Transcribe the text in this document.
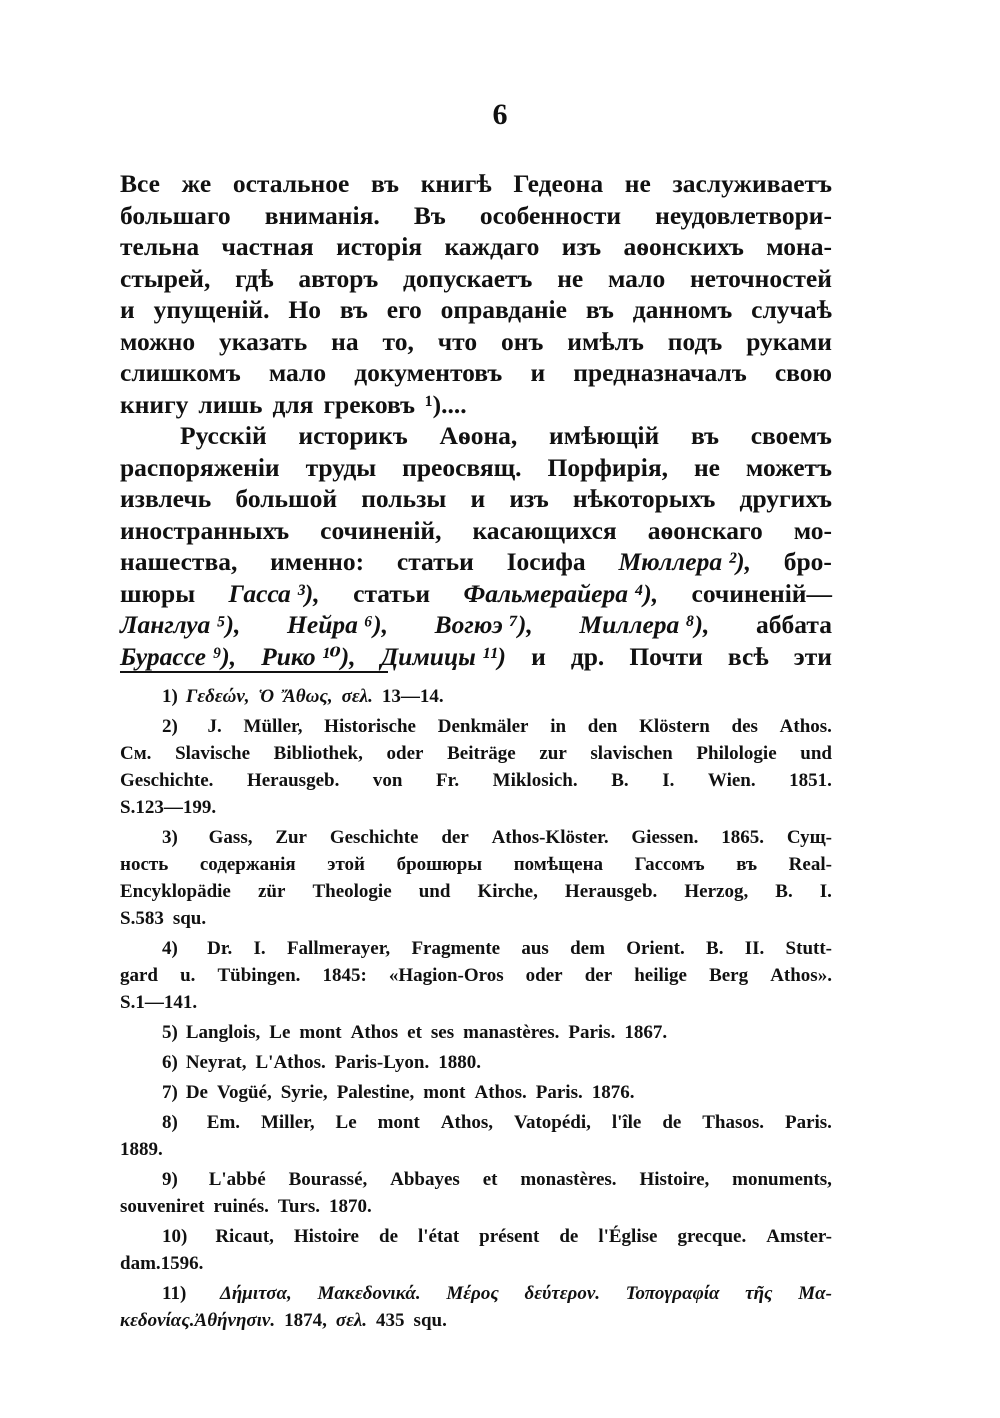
6
Все же остальное въ книгѣ Гедеона не заслуживаетъ
большаго вниманія. Въ особенности неудовлетвори-
тельна частная исторія каждаго изъ аѳонскихъ мона-
стырей, гдѣ авторъ допускаетъ не мало неточностей
и упущеній. Но въ его оправданіе въ данномъ случаѣ
можно указать на то, что онъ имѣлъ подъ руками
слишкомъ мало документовъ и предназначалъ свою
книгу лишь для грековъ ¹)....
Русскій историкъ Аѳона, имѣющій въ своемъ
распоряженіи труды преосвящ. Порфирія, не можетъ
извлечь большой пользы и изъ нѣкоторыхъ другихъ
иностранныхъ сочиненій, касающихся аѳонскаго мо-
нашества, именно: статьи Іосифа Мюллера ²), бро-
шюры Гасса ³), статьи Фальмерайера ⁴), сочиненій—
Ланглуа ⁵), Нейра ⁶), Вогюэ ⁷), Миллера ⁸), аббата
Бурассе ⁹), Рико ¹⁰), Димицы ¹¹) и др. Почти всѣ эти
1) Γεδεών, Ὁ Ἄθως, σελ. 13—14.
2) J. Müller, Historische Denkmäler in den Klöstern des Athos.
См. Slavische Bibliothek, oder Beiträge zur slavischen Philologie und
Geschichte. Herausgeb. von Fr. Miklosich. B. I. Wien. 1851.
S. 123—199.
3) Gass, Zur Geschichte der Athos-Klöster. Giessen. 1865. Сущ-
ность содержанія этой брошюры помѣщена Гассомъ въ Real-
Encyklopädie zür Theologie und Kirche, Herausgeb. Herzog, B. I.
S. 583 squ.
4) Dr. I. Fallmerayer, Fragmente aus dem Orient. B. II. Stutt-
gard u. Tübingen. 1845: «Hagion-Oros oder der heilige Berg Athos».
S. 1—141.
5) Langlois, Le mont Athos et ses manastères. Paris. 1867.
6) Neyrat, L'Athos. Paris-Lyon. 1880.
7) De Vogüé, Syrie, Palestine, mont Athos. Paris. 1876.
8) Em. Miller, Le mont Athos, Vatopédi, l'île de Thasos. Paris.
1889.
9) L'abbé Bourassé, Abbayes et monastères. Histoire, monuments,
souvenir et ruinés. Turs. 1870.
10) Ricaut, Histoire de l'état présent de l'Église grecque. Amster-
dam. 1596.
11) Δήμιτσα, Μακεδονικά. Μέρος δεύτερον. Τοπογραφία τῆς Μα-
κεδονίας. Ἀθήνησιν. 1874, σελ. 435 squ.
